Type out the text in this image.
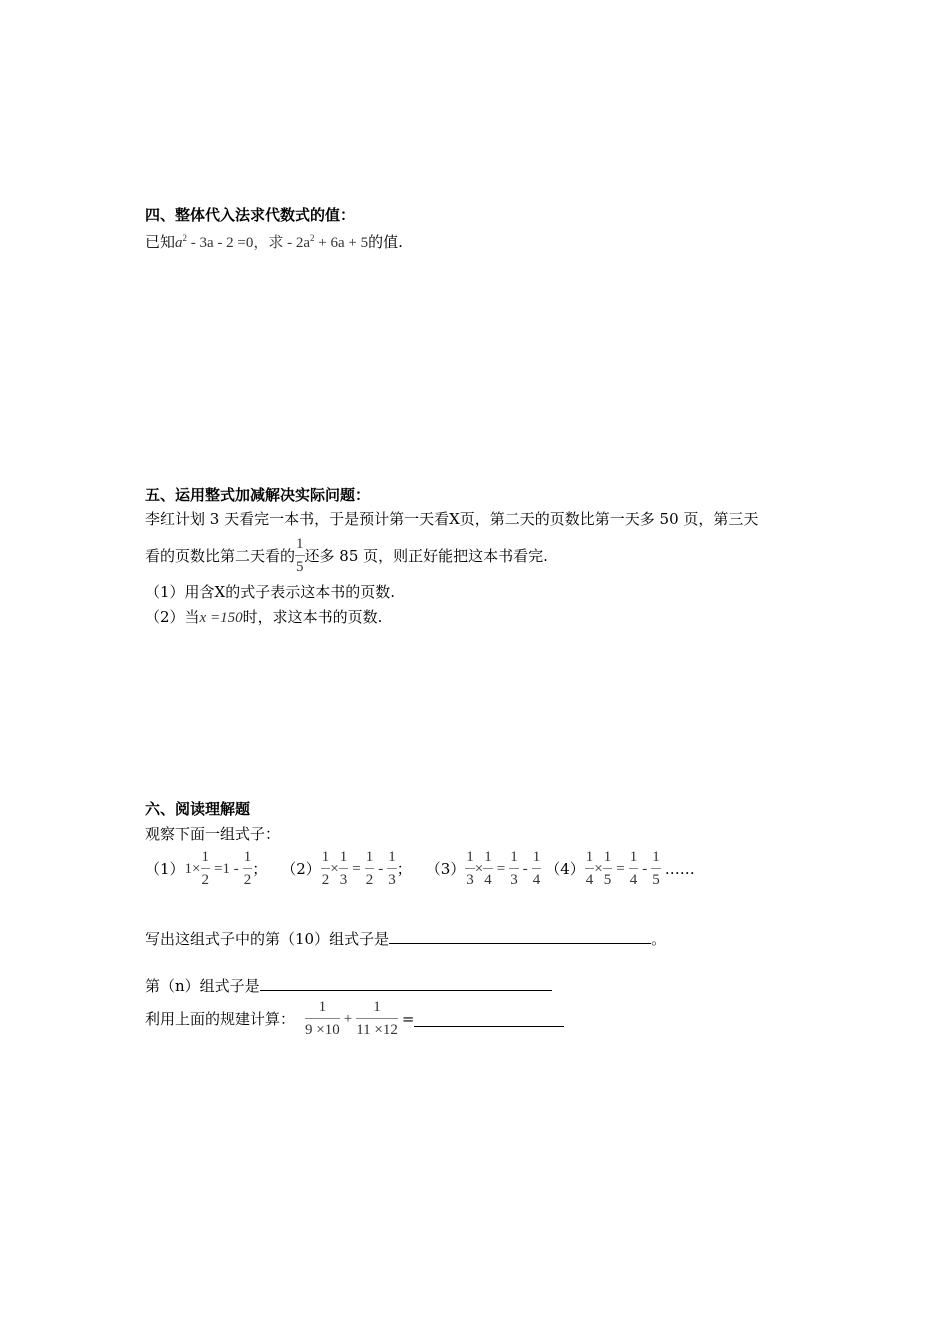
四、整体代入法求代数式的值：
已知$a^2 - 3a - 2 =0$，求 - $2a^2 + 6a + 5$的值.
五、运用整式加减解决实际问题：
李红计划 3 天看完一本书，于是预计第一天看X页，第二天的页数比第一天多 50 页，第三天
看的页数比第二天看的 $\frac{1}{5}$ 还多 85 页，则正好能把这本书看完.
（1）用含X的式子表示这本书的页数.
（2）当x =150时，求这本书的页数.
六、阅读理解题
观察下面一组式子：
（1） $1\times \frac{1}{2} =1 - \frac{1}{2}$ ； $(2) \frac{1}{2} \times \frac{1}{3} = \frac{1}{2} - \frac{1}{3}$ ； $(3) \frac{1}{3} \times \frac{1}{4} = \frac{1}{3} - \frac{1}{4} (4) \frac{1}{4} \times \frac{1}{5} = \frac{1}{4} - \frac{1}{5}$ ……
写出这组式子中的第（10）组式子是	。
第（n）组式子是
利用上面的规建计算： $\frac{1}{9 \times 10} + \frac{1}{11 \times 12}$ =
